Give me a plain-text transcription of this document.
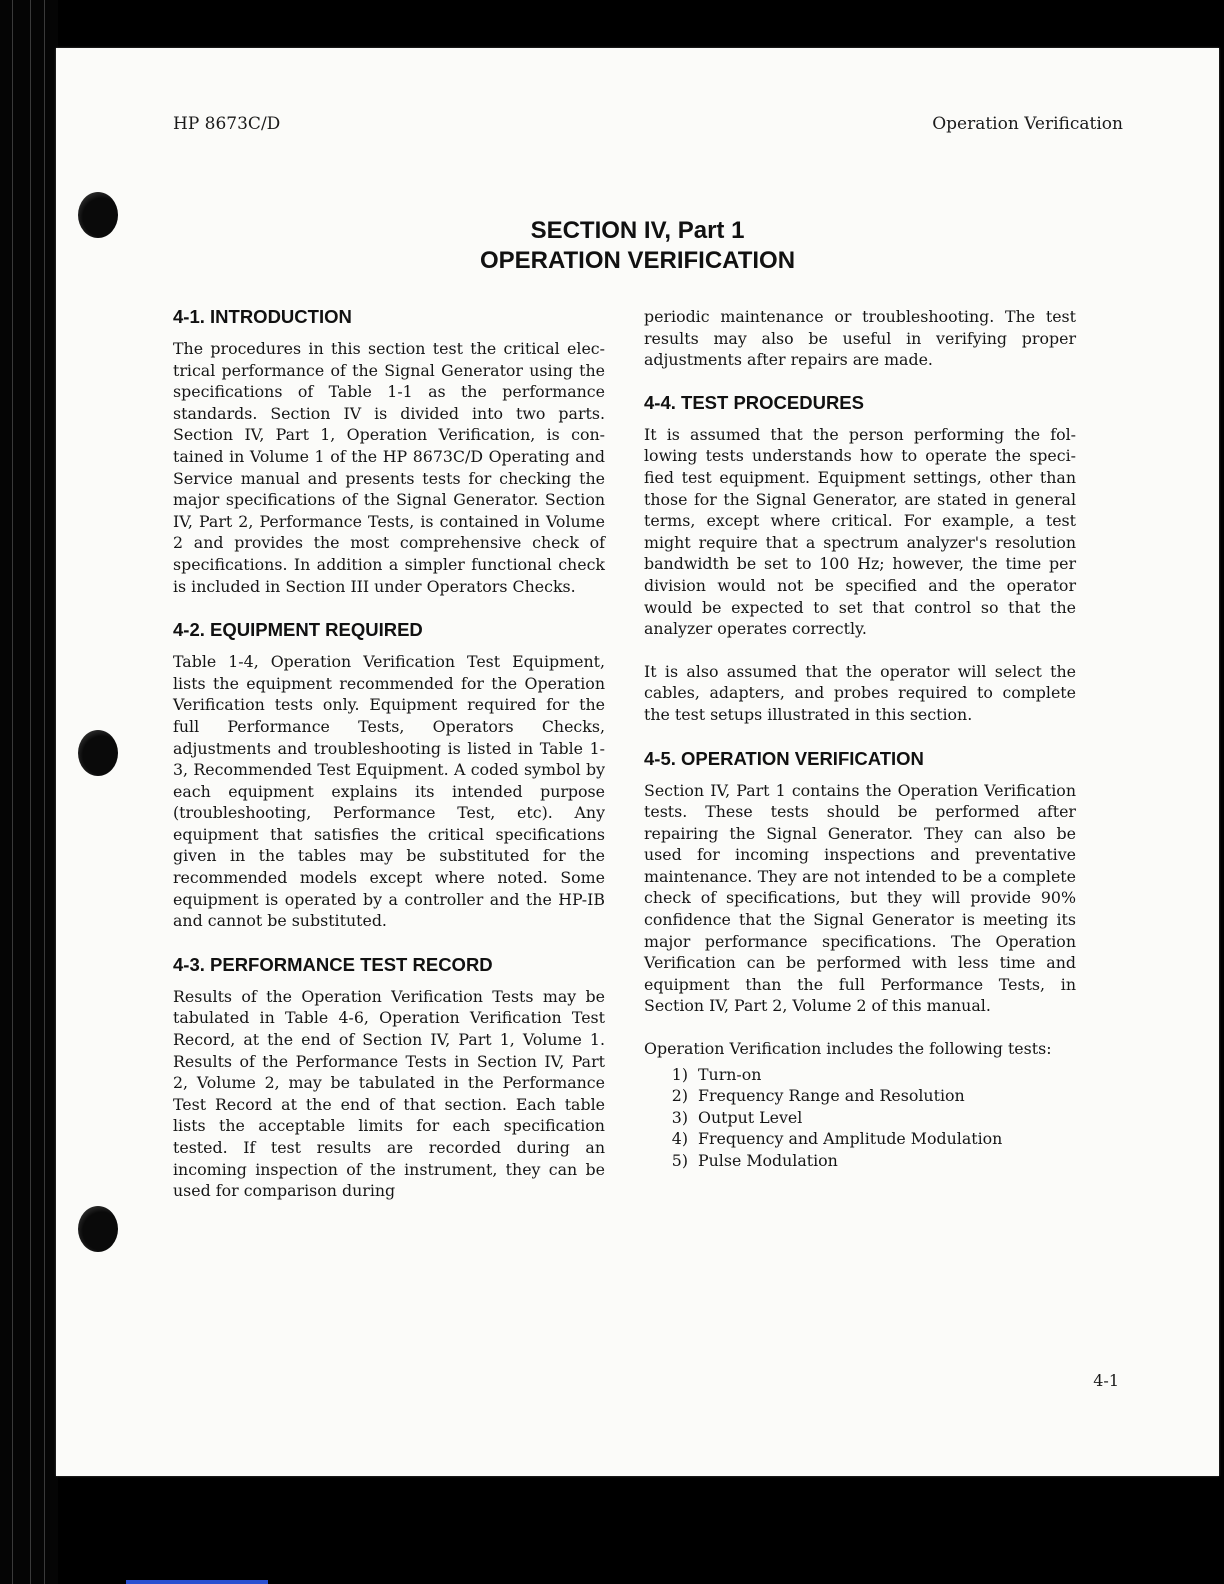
HP 8673C/D	Operation Verification
SECTION IV, Part 1
OPERATION VERIFICATION
4-1. INTRODUCTION

The procedures in this section test the critical electrical performance of the Signal Generator using the specifications of Table 1-1 as the performance standards. Section IV is divided into two parts. Section IV, Part 1, Operation Verification, is contained in Volume 1 of the HP 8673C/D Operating and Service manual and presents tests for checking the major specifications of the Signal Generator. Section IV, Part 2, Performance Tests, is contained in Volume 2 and provides the most comprehensive check of specifications. In addition a simpler functional check is included in Section III under Operators Checks.

4-2. EQUIPMENT REQUIRED

Table 1-4, Operation Verification Test Equipment, lists the equipment recommended for the Operation Verification tests only. Equipment required for the full Performance Tests, Operators Checks, adjustments and troubleshooting is listed in Table 1-3, Recommended Test Equipment. A coded symbol by each equipment explains its intended purpose (troubleshooting, Performance Test, etc). Any equipment that satisfies the critical specifications given in the tables may be substituted for the recommended models except where noted. Some equipment is operated by a controller and the HP-IB and cannot be substituted.

4-3. PERFORMANCE TEST RECORD

Results of the Operation Verification Tests may be tabulated in Table 4-6, Operation Verification Test Record, at the end of Section IV, Part 1, Volume 1. Results of the Performance Tests in Section IV, Part 2, Volume 2, may be tabulated in the Performance Test Record at the end of that section. Each table lists the acceptable limits for each specification tested. If test results are recorded during an incoming inspection of the instrument, they can be used for comparison during

periodic maintenance or troubleshooting. The test results may also be useful in verifying proper adjustments after repairs are made.

4-4. TEST PROCEDURES

It is assumed that the person performing the following tests understands how to operate the specified test equipment. Equipment settings, other than those for the Signal Generator, are stated in general terms, except where critical. For example, a test might require that a spectrum analyzer's resolution bandwidth be set to 100 Hz; however, the time per division would not be specified and the operator would be expected to set that control so that the analyzer operates correctly.

It is also assumed that the operator will select the cables, adapters, and probes required to complete the test setups illustrated in this section.

4-5. OPERATION VERIFICATION

Section IV, Part 1 contains the Operation Verification tests. These tests should be performed after repairing the Signal Generator. They can also be used for incoming inspections and preventative maintenance. They are not intended to be a complete check of specifications, but they will provide 90% confidence that the Signal Generator is meeting its major performance specifications. The Operation Verification can be performed with less time and equipment than the full Performance Tests, in Section IV, Part 2, Volume 2 of this manual.

Operation Verification includes the following tests:

1) Turn-on
2) Frequency Range and Resolution
3) Output Level
4) Frequency and Amplitude Modulation
5) Pulse Modulation
4-1
